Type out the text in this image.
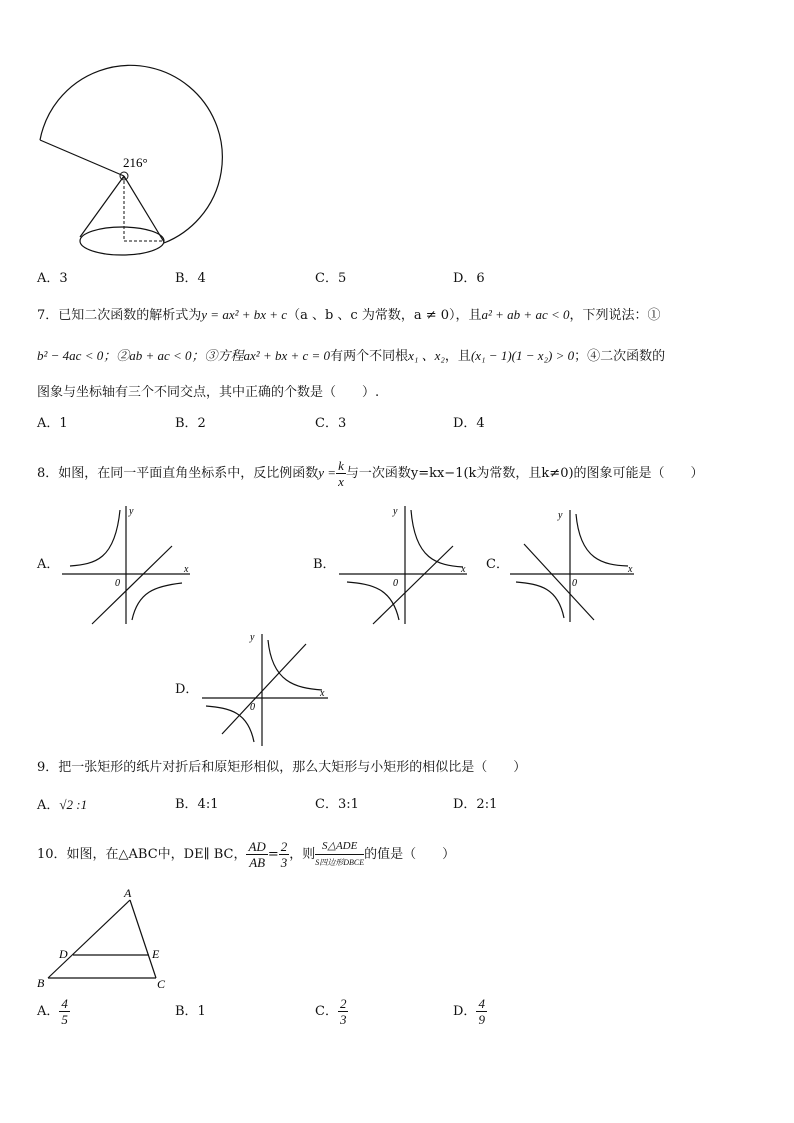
216°
A．3	B．4	C．5	D．6
7．已知二次函数的解析式为y = ax² + bx + c（a 、b 、c 为常数，a ≠ 0），且a² + ab + ac < 0，下列说法：①
b² − 4ac < 0；②ab + ac < 0；③方程ax² + bx + c = 0有两个不同根x₁ 、x₂，且(x₁ − 1)(1 − x₂) > 0；④二次函数的
图象与坐标轴有三个不同交点，其中正确的个数是（　　）.
A．1	B．2	C．3	D．4
8．如图，在同一平面直角坐标系中，反比例函数$y = \frac{k}{x}$ 与一次函数y=kx−1(k为常数，且k≠0)的图象可能是（　　）
A．	B．	C．
D．
x
y
0
x
y
0
x
y
0
x
y
0
9．把一张矩形的纸片对折后和原矩形相似，那么大矩形与小矩形的相似比是（　　）
A．√2 :1	B．4:1	C．3:1	D．2:1
10．如图，在△ABC中，DE∥ BC， $\frac{AD}{AB} = \frac{2}{3}$ ，则 $\frac{\text{S△ADE}}{\text{S四边形DBCE}}$ 的值是（　　）
A
B	C
D	E
A． $\frac{4}{5}$	B．1	C． $\frac{2}{3}$	D． $\frac{4}{9}$
